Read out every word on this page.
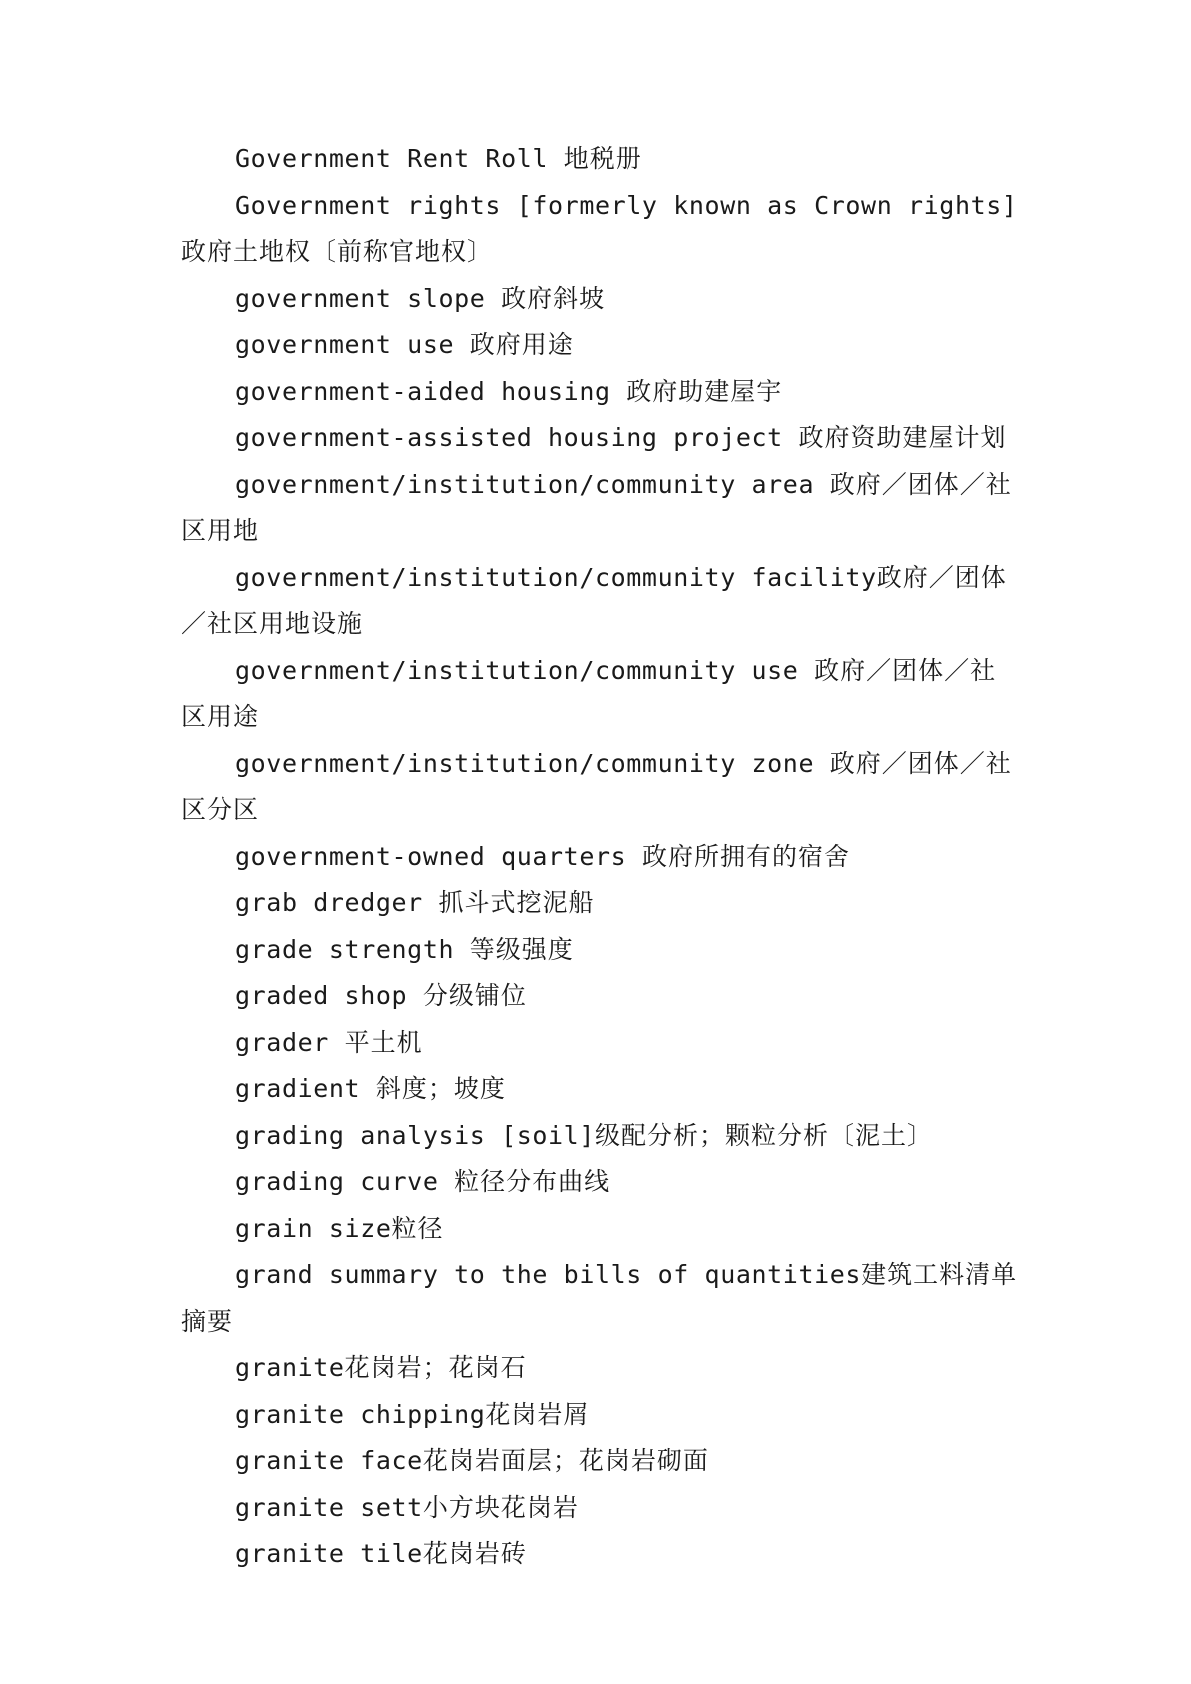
Government Rent Roll 地税册

Government rights [formerly known as Crown rights] 政府土地权〔前称官地权〕

government slope 政府斜坡

government use 政府用途

government-aided housing 政府助建屋宇

government-assisted housing project 政府资助建屋计划

government/institution/community area 政府／团体／社区用地

government/institution/community facility政府／团体／社区用地设施

government/institution/community use 政府／团体／社区用途

government/institution/community zone 政府／团体／社区分区

government-owned quarters 政府所拥有的宿舍

grab dredger 抓斗式挖泥船

grade strength 等级强度

graded shop 分级铺位

grader 平土机

gradient 斜度；坡度

grading analysis [soil]级配分析；颗粒分析〔泥土〕

grading curve 粒径分布曲线

grain size粒径

grand summary to the bills of quantities建筑工料清单摘要

granite花岗岩；花岗石

granite chipping花岗岩屑

granite face花岗岩面层；花岗岩砌面

granite sett小方块花岗岩

granite tile花岗岩砖
